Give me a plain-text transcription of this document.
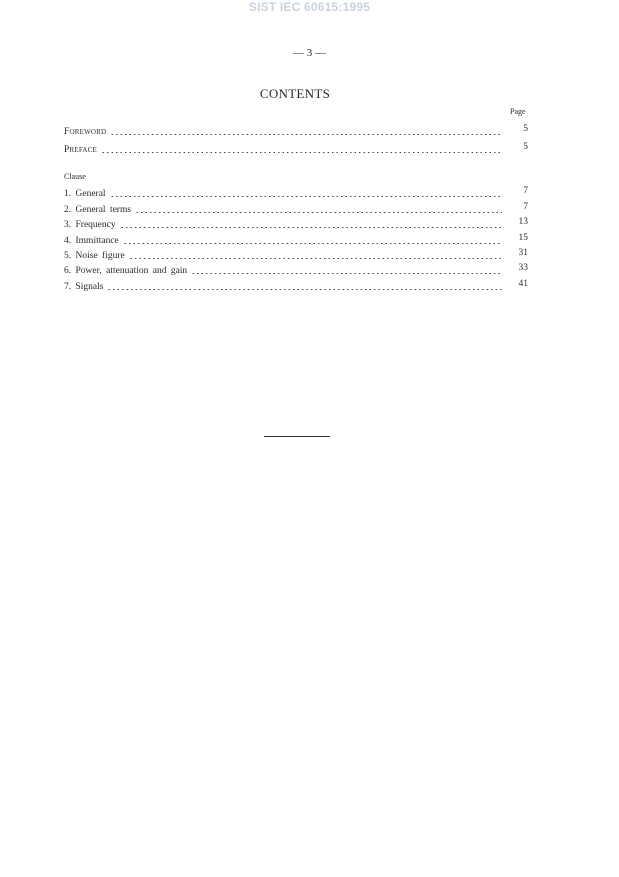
SIST IEC 60615:1995
— 3 —
CONTENTS
Page
Foreword	5
Preface	5
Clause
1. General	7
2. General terms	7
3. Frequency	13
4. Immittance	15
5. Noise figure	31
6. Power, attenuation and gain	33
7. Signals	41
